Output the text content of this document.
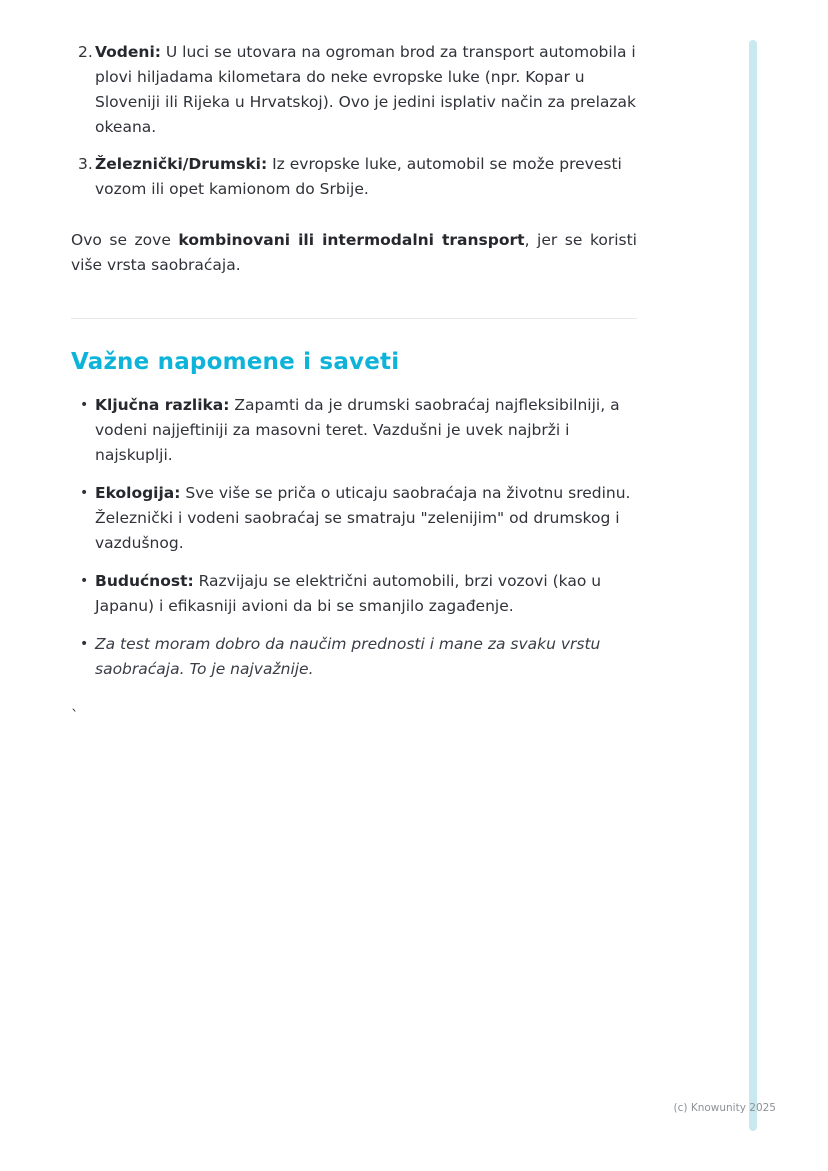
2. Vodeni: U luci se utovara na ogroman brod za transport automobila i plovi hiljadama kilometara do neke evropske luke (npr. Kopar u Sloveniji ili Rijeka u Hrvatskoj). Ovo je jedini isplativ način za prelazak okeana.
3. Železnički/Drumski: Iz evropske luke, automobil se može prevesti vozom ili opet kamionom do Srbije.

Ovo se zove kombinovani ili intermodalni transport, jer se koristi više vrsta saobraćaja.

Važne napomene i saveti
• Ključna razlika: Zapamti da je drumski saobraćaj najfleksibilniji, a vodeni najjeftiniji za masovni teret. Vazdušni je uvek najbrži i najskuplji.
• Ekologija: Sve više se priča o uticaju saobraćaja na životnu sredinu. Železnički i vodeni saobraćaj se smatraju "zelenijim" od drumskog i vazdušnog.
• Budućnost: Razvijaju se električni automobili, brzi vozovi (kao u Japanu) i efikasniji avioni da bi se smanjilo zagađenje.
• Za test moram dobro da naučim prednosti i mane za svaku vrstu saobraćaja. To je najvažnije.
`
(c) Knowunity 2025
